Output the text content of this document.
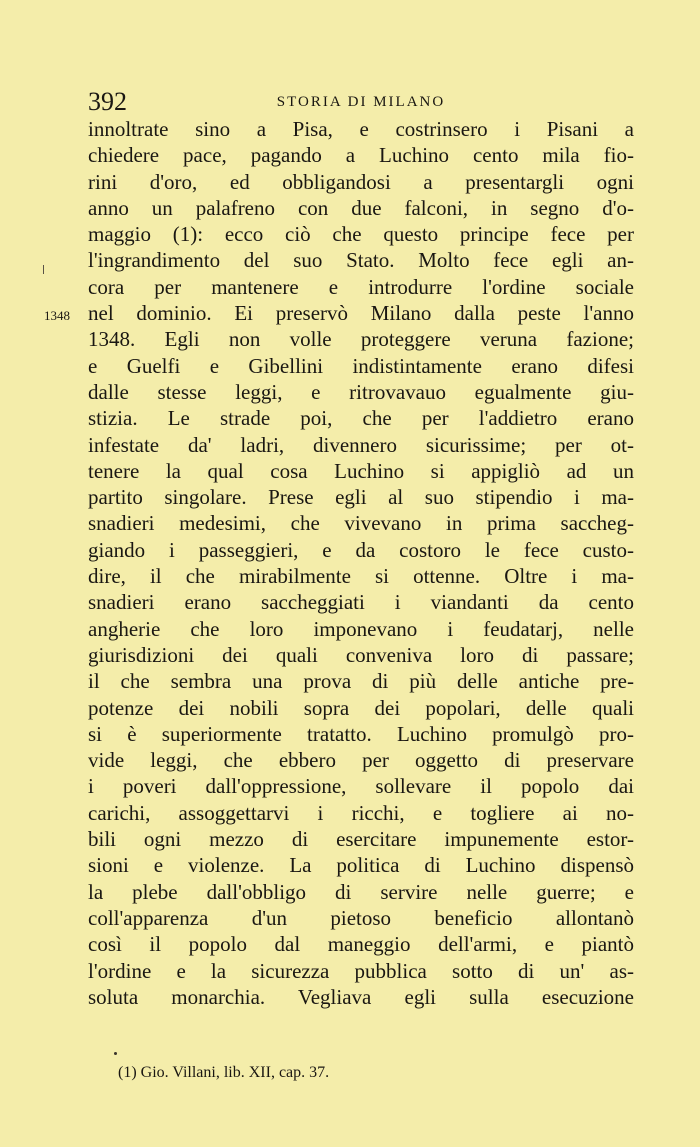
392	STORIA DI MILANO
1348
innoltrate sino a Pisa, e costrinsero i Pisani a
chiedere pace, pagando a Luchino cento mila fio-
rini d'oro, ed obbligandosi a presentargli ogni
anno un palafreno con due falconi, in segno d'o-
maggio (1): ecco ciò che questo principe fece per
l'ingrandimento del suo Stato. Molto fece egli an-
cora per mantenere e introdurre l'ordine sociale
nel dominio. Ei preservò Milano dalla peste l'anno
1348. Egli non volle proteggere veruna fazione;
e Guelfi e Gibellini indistintamente erano difesi
dalle stesse leggi, e ritrovavauo egualmente giu-
stizia. Le strade poi, che per l'addietro erano
infestate da' ladri, divennero sicurissime; per ot-
tenere la qual cosa Luchino si appigliò ad un
partito singolare. Prese egli al suo stipendio i ma-
snadieri medesimi, che vivevano in prima saccheg-
giando i passeggieri, e da costoro le fece custo-
dire, il che mirabilmente si ottenne. Oltre i ma-
snadieri erano saccheggiati i viandanti da cento
angherie che loro imponevano i feudatarj, nelle
giurisdizioni dei quali conveniva loro di passare;
il che sembra una prova di più delle antiche pre-
potenze dei nobili sopra dei popolari, delle quali
si è superiormente tratatto. Luchino promulgò pro-
vide leggi, che ebbero per oggetto di preservare
i poveri dall'oppressione, sollevare il popolo dai
carichi, assoggettarvi i ricchi, e togliere ai no-
bili ogni mezzo di esercitare impunemente estor-
sioni e violenze. La politica di Luchino dispensò
la plebe dall'obbligo di servire nelle guerre; e
coll'apparenza d'un pietoso beneficio allontanò
così il popolo dal maneggio dell'armi, e piantò
l'ordine e la sicurezza pubblica sotto di un' as-
soluta monarchia. Vegliava egli sulla esecuzione
(1) Gio. Villani, lib. XII, cap. 37.
